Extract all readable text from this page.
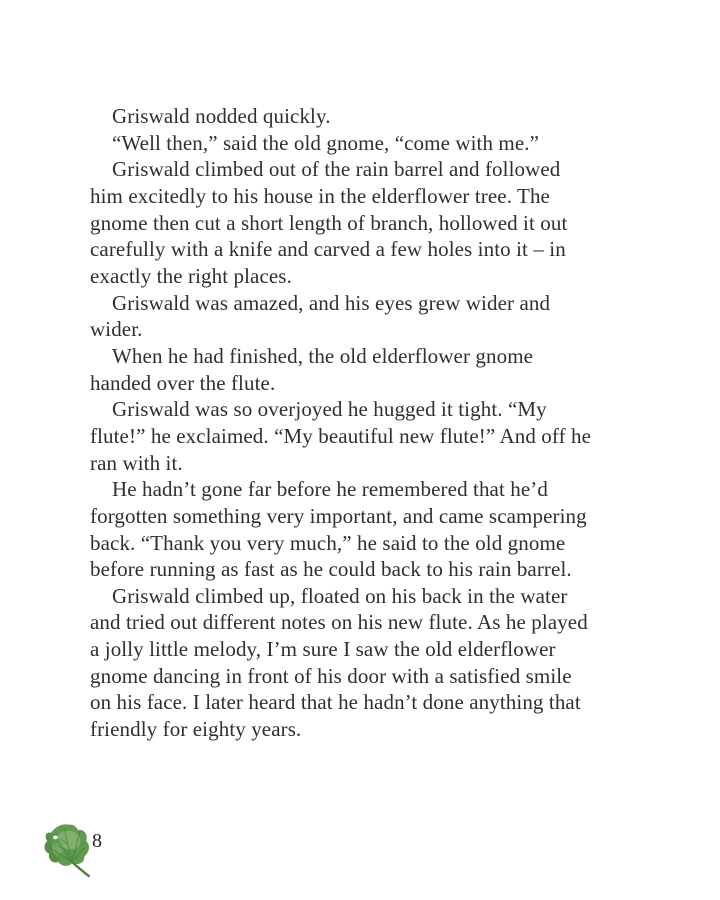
Griswald nodded quickly.

“Well then,” said the old gnome, “come with me.”

Griswald climbed out of the rain barrel and followed
him excitedly to his house in the elderflower tree. The
gnome then cut a short length of branch, hollowed it out
carefully with a knife and carved a few holes into it – in
exactly the right places.

Griswald was amazed, and his eyes grew wider and
wider.

When he had finished, the old elderflower gnome
handed over the flute.

Griswald was so overjoyed he hugged it tight. “My
flute!” he exclaimed. “My beautiful new flute!” And off he
ran with it.

He hadn’t gone far before he remembered that he’d
forgotten something very important, and came scampering
back. “Thank you very much,” he said to the old gnome
before running as fast as he could back to his rain barrel.

Griswald climbed up, floated on his back in the water
and tried out different notes on his new flute. As he played
a jolly little melody, I’m sure I saw the old elderflower
gnome dancing in front of his door with a satisfied smile
on his face. I later heard that he hadn’t done anything that
friendly for eighty years.

8
